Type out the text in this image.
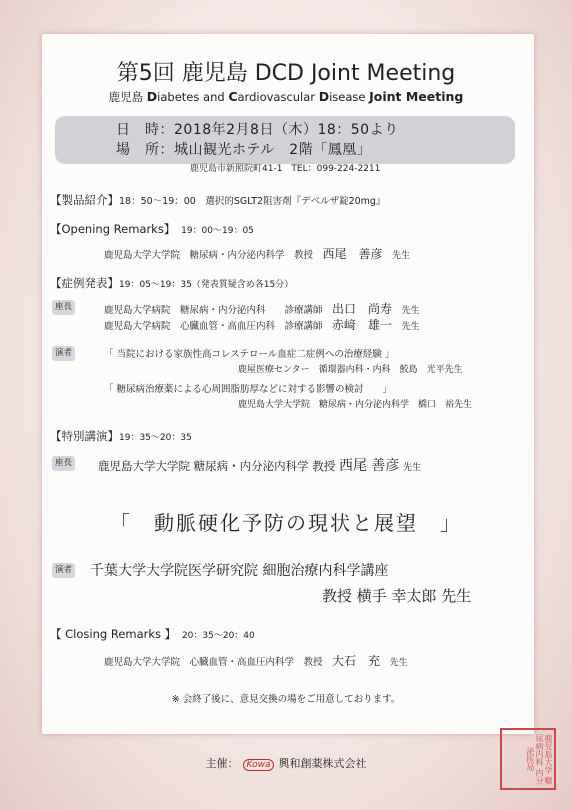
第5回 鹿児島 DCD Joint Meeting
鹿児島 Diabetes and Cardiovascular Disease Joint Meeting
日　時：2018年2月8日（木）18：50より
場　所：城山観光ホテル　2階「鳳凰」
鹿児島市新照院町41-1　TEL：099-224-2211
【製品紹介】18：50～19：00　選択的SGLT2阻害剤『デベルザ錠20mg』
【Opening Remarks】　 19：00～19：05
鹿児島大学大学院　糖尿病・内分泌内科学　教授　 西尾　善彦　 先生
【症例発表】19：05～19：35（発表質疑含め各15分）
座長	鹿児島大学病院　糖尿病・内分泌内科　　診療講師　 出口　尚寿　 先生
鹿児島大学病院　心臓血管・高血圧内科　診療講師　 赤﨑　雄一　 先生
演者	「 当院における家族性高コレステロール血症二症例への治療経験 」
鹿屋医療センター　循環器内科・内科　鮫島　光平先生
「 糖尿病治療薬による心周囲脂肪厚などに対する影響の検討　　」
鹿児島大学大学院　糖尿病・内分泌内科学　橋口　裕先生
【特別講演】19：35～20：35
座長 鹿児島大学大学院 糖尿病・内分泌内科学 教授 西尾 善彦 先生
「　動脈硬化予防の現状と展望　」
演者 千葉大学大学院医学研究院 細胞治療内科学講座
教授 横手 幸太郎 先生
【 Closing Remarks 】　 20：35～20：40
鹿児島大学大学院　心臓血管・高血圧内科学　教授　 大石　充　 先生
※ 会終了後に、意見交換の場をご用意しております。
主催： Kowa 興和創薬株式会社	鹿児島大学 糖尿病内科 内分泌医局
